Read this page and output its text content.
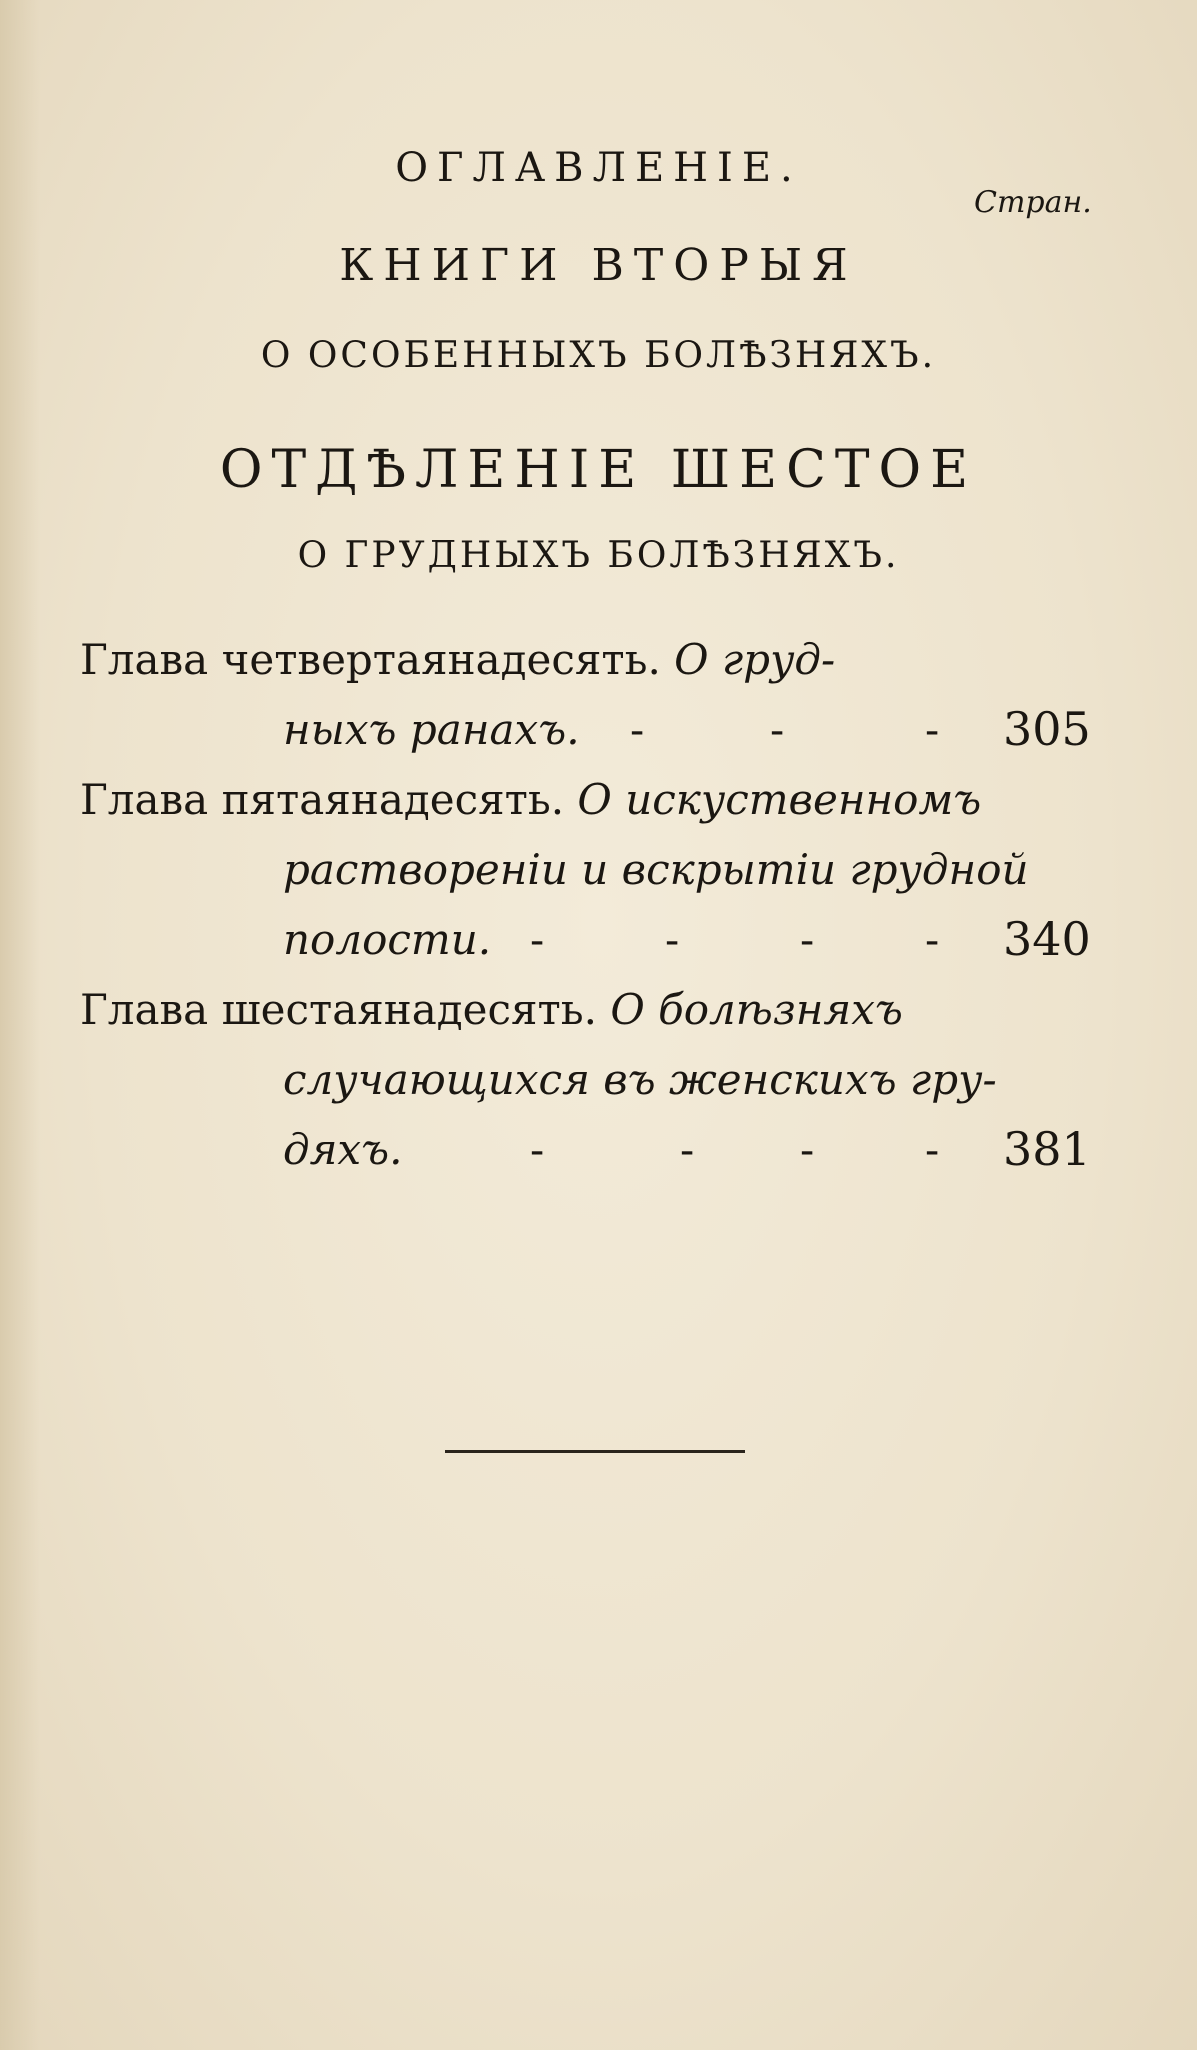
ОГЛАВЛЕНІЕ.
Стран.
КНИГИ ВТОРЫЯ
О ОСОБЕННЫХЪ БОЛѢЗНЯХЪ.
ОТДѢЛЕНІЕ ШЕСТОЕ
О ГРУДНЫХЪ БОЛѢЗНЯХЪ.
Глава четвертаянадесять. О груд-
ныхъ ранахъ. -	-	- 305
Глава пятаянадесять. О искуственномъ
растворенiи и вскрытiи грудной
полости. -	-	-	- 340
Глава шестаянадесять. О болѣзняхъ
случающихся въ женскихъ гру-
дяхъ.	-	-	-	- 381
